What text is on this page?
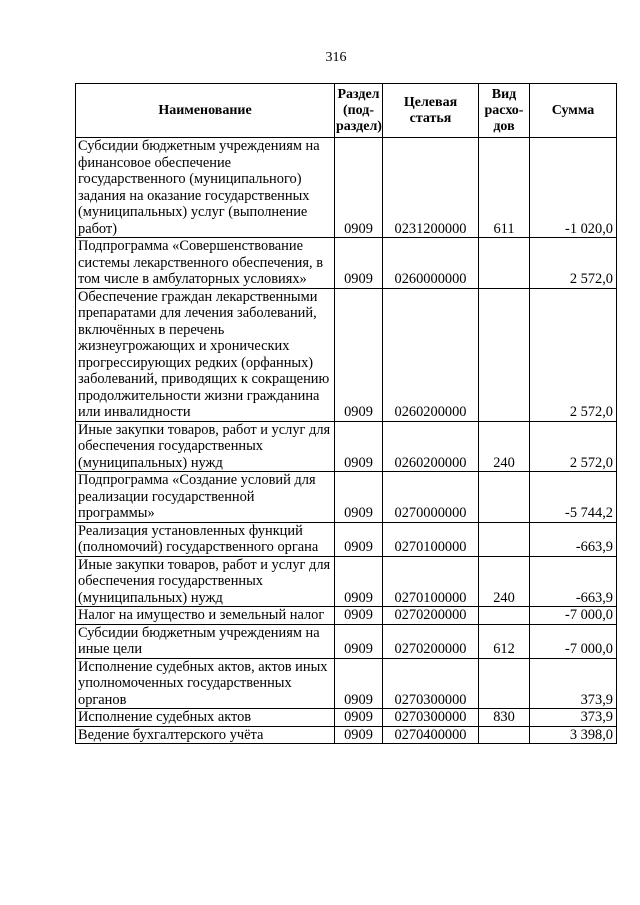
316
Наименование	Раздел (под-раздел)	Целевая статья	Вид расхо-дов	Сумма
Субсидии бюджетным учреждениям на финансовое обеспечение государственного (муниципального) задания на оказание государственных (муниципальных) услуг (выполнение работ)	0909	0231200000	611	-1 020,0
Подпрограмма «Совершенствование системы лекарственного обеспечения, в том числе в амбулаторных условиях»	0909	0260000000		2 572,0
Обеспечение граждан лекарственными препаратами для лечения заболеваний, включённых в перечень жизнеугрожающих и хронических прогрессирующих редких (орфанных) заболеваний, приводящих к сокращению продолжительности жизни гражданина или инвалидности	0909	0260200000		2 572,0
Иные закупки товаров, работ и услуг для обеспечения государственных (муниципальных) нужд	0909	0260200000	240	2 572,0
Подпрограмма «Создание условий для реализации государственной программы»	0909	0270000000		-5 744,2
Реализация установленных функций (полномочий) государственного органа	0909	0270100000		-663,9
Иные закупки товаров, работ и услуг для обеспечения государственных (муниципальных) нужд	0909	0270100000	240	-663,9
Налог на имущество и земельный налог	0909	0270200000		-7 000,0
Субсидии бюджетным учреждениям на иные цели	0909	0270200000	612	-7 000,0
Исполнение судебных актов, актов иных уполномоченных государственных органов	0909	0270300000		373,9
Исполнение судебных актов	0909	0270300000	830	373,9
Ведение бухгалтерского учёта	0909	0270400000		3 398,0
